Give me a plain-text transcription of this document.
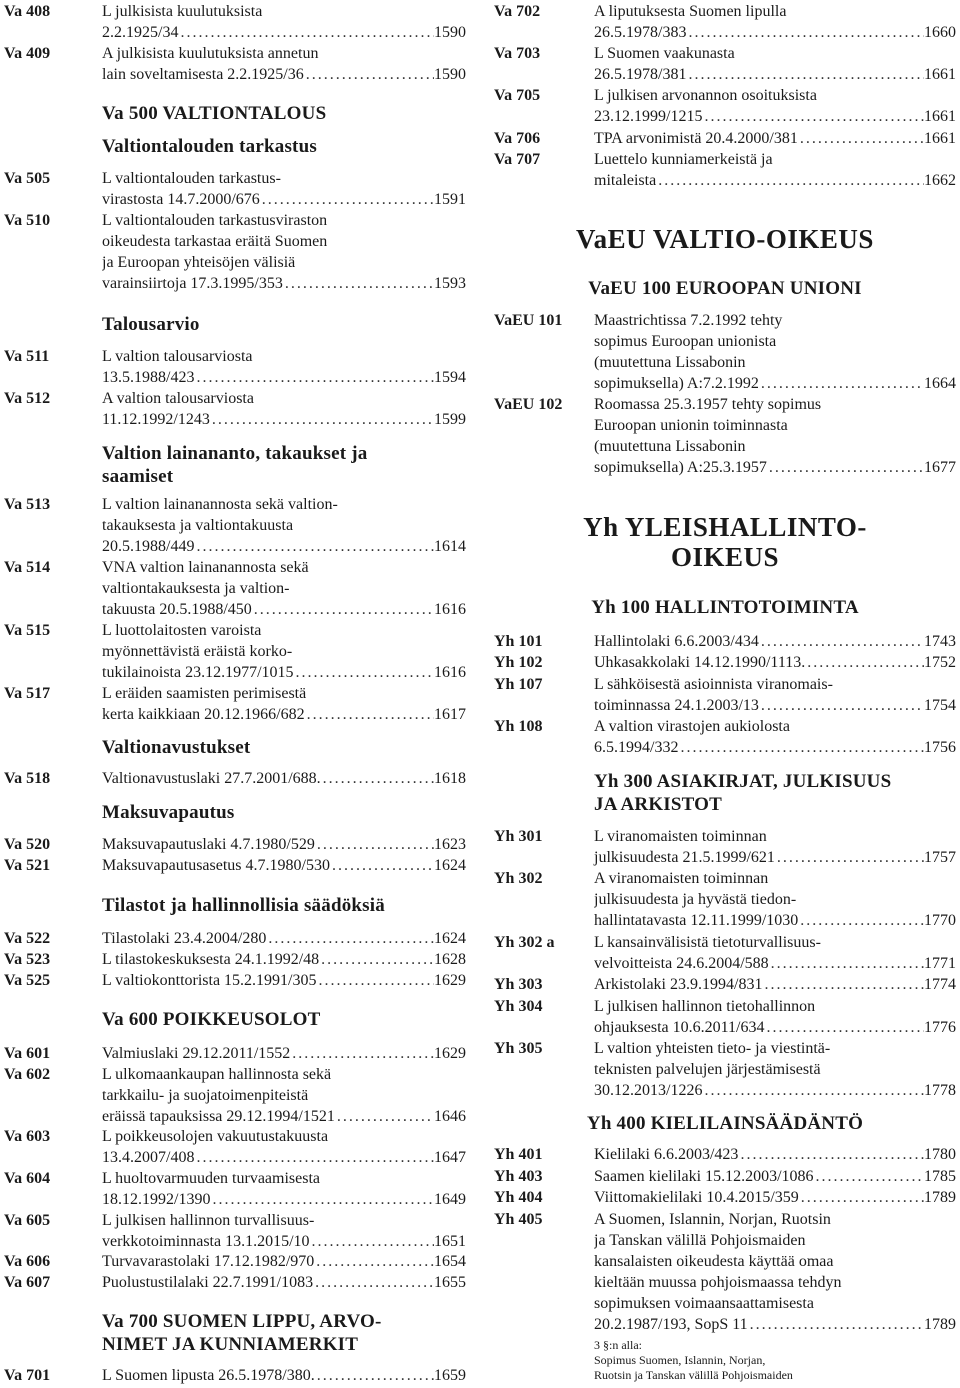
Va 408	L julkisista kuulutuksista
2.2.1925/34 .....	1590
Va 409	A julkisista kuulutuksista annetun
lain soveltamisesta 2.2.1925/36 .....	1590
Va 500 VALTIONTALOUS
Valtiontalouden tarkastus
Va 505	L valtiontalouden tarkastus-
virastosta 14.7.2000/676 .....	1591
Va 510	L valtiontalouden tarkastusviraston
oikeudesta tarkastaa eräitä Suomen
ja Euroopan yhteisöjen välisiä
varainsiirtoja 17.3.1995/353 .....	1593
Talousarvio
Va 511	L valtion talousarviosta
13.5.1988/423 .....	1594
Va 512	A valtion talousarviosta
11.12.1992/1243 .....	1599
Valtion lainananto, takaukset ja
saamiset
Va 513	L valtion lainanannosta sekä valtion-
takauksesta ja valtiontakuusta
20.5.1988/449 .....	1614
Va 514	VNA valtion lainanannosta sekä
valtiontakauksesta ja valtion-
takuusta 20.5.1988/450 .....	1616
Va 515	L luottolaitosten varoista
myönnettävistä eräistä korko-
tukilainoista 23.12.1977/1015 .....	1616
Va 517	L eräiden saamisten perimisestä
kerta kaikkiaan 20.12.1966/682 .....	1617
Valtionavustukset
Va 518	Valtionavustuslaki 27.7.2001/688. .....	1618
Maksuvapautus
Va 520	Maksuvapautuslaki 4.7.1980/529 .....	1623
Va 521	Maksuvapautusasetus 4.7.1980/530 .....	1624
Tilastot ja hallinnollisia säädöksiä
Va 522	Tilastolaki 23.4.2004/280 .....	1624
Va 523	L tilastokeskuksesta 24.1.1992/48 .....	1628
Va 525	L valtiokonttorista 15.2.1991/305 .....	1629
Va 600 POIKKEUSOLOT
Va 601	Valmiuslaki 29.12.2011/1552 .....	1629
Va 602	L ulkomaankaupan hallinnosta sekä
tarkkailu- ja suojatoimenpiteistä
eräissä tapauksissa 29.12.1994/1521 .....	1646
Va 603	L poikkeusolojen vakuutustakuusta
13.4.2007/408 .....	1647
Va 604	L huoltovarmuuden turvaamisesta
18.12.1992/1390 .....	1649
Va 605	L julkisen hallinnon turvallisuus-
verkkotoiminnasta 13.1.2015/10 .....	1651
Va 606	Turvavarastolaki 17.12.1982/970 .....	1654
Va 607	Puolustustilalaki 22.7.1991/1083 .....	1655
Va 700 SUOMEN LIPPU, ARVO-
NIMET JA KUNNIAMERKIT
Va 701	L Suomen lipusta 26.5.1978/380. .....	1659
Va 702	A liputuksesta Suomen lipulla
26.5.1978/383 .....	1660
Va 703	L Suomen vaakunasta
26.5.1978/381 .....	1661
Va 705	L julkisen arvonannon osoituksista
23.12.1999/1215 .....	1661
Va 706	TPA arvonimistä 20.4.2000/381 .....	1661
Va 707	Luettelo kunniamerkeistä ja
mitaleista .....	1662
VaEU VALTIO-OIKEUS
VaEU 100 EUROOPAN UNIONI
VaEU 101	Maastrichtissa 7.2.1992 tehty
sopimus Euroopan unionista
(muutettuna Lissabonin
sopimuksella) A:7.2.1992 .....	1664
VaEU 102	Roomassa 25.3.1957 tehty sopimus
Euroopan unionin toiminnasta
(muutettuna Lissabonin
sopimuksella) A:25.3.1957 .....	1677
Yh YLEISHALLINTO-
OIKEUS
Yh 100 HALLINTOTOIMINTA
Yh 101	Hallintolaki 6.6.2003/434 .....	1743
Yh 102	Uhkasakkolaki 14.12.1990/1113. .....	1752
Yh 107	L sähköisestä asioinnista viranomais-
toiminnassa 24.1.2003/13 .....	1754
Yh 108	A valtion virastojen aukiolosta
6.5.1994/332 .....	1756
Yh 300 ASIAKIRJAT, JULKISUUS
JA ARKISTOT
Yh 301	L viranomaisten toiminnan
julkisuudesta 21.5.1999/621 .....	1757
Yh 302	A viranomaisten toiminnan
julkisuudesta ja hyvästä tiedon-
hallintatavasta 12.11.1999/1030 .....	1770
Yh 302 a	L kansainvälisistä tietoturvallisuus-
velvoitteista 24.6.2004/588 .....	1771
Yh 303	Arkistolaki 23.9.1994/831 .....	1774
Yh 304	L julkisen hallinnon tietohallinnon
ohjauksesta 10.6.2011/634 .....	1776
Yh 305	L valtion yhteisten tieto- ja viestintä-
teknisten palvelujen järjestämisestä
30.12.2013/1226 .....	1778
Yh 400 KIELILAINSÄÄDÄNTÖ
Yh 401	Kielilaki 6.6.2003/423 .....	1780
Yh 403	Saamen kielilaki 15.12.2003/1086 .....	1785
Yh 404	Viittomakielilaki 10.4.2015/359 .....	1789
Yh 405	A Suomen, Islannin, Norjan, Ruotsin
ja Tanskan välillä Pohjoismaiden
kansalaisten oikeudesta käyttää omaa
kieltään muussa pohjoismaassa tehdyn
sopimuksen voimaansaattamisesta
20.2.1987/193, SopS 11 .....	1789
3 §:n alla:
Sopimus Suomen, Islannin, Norjan,
Ruotsin ja Tanskan välillä Pohjoismaiden
